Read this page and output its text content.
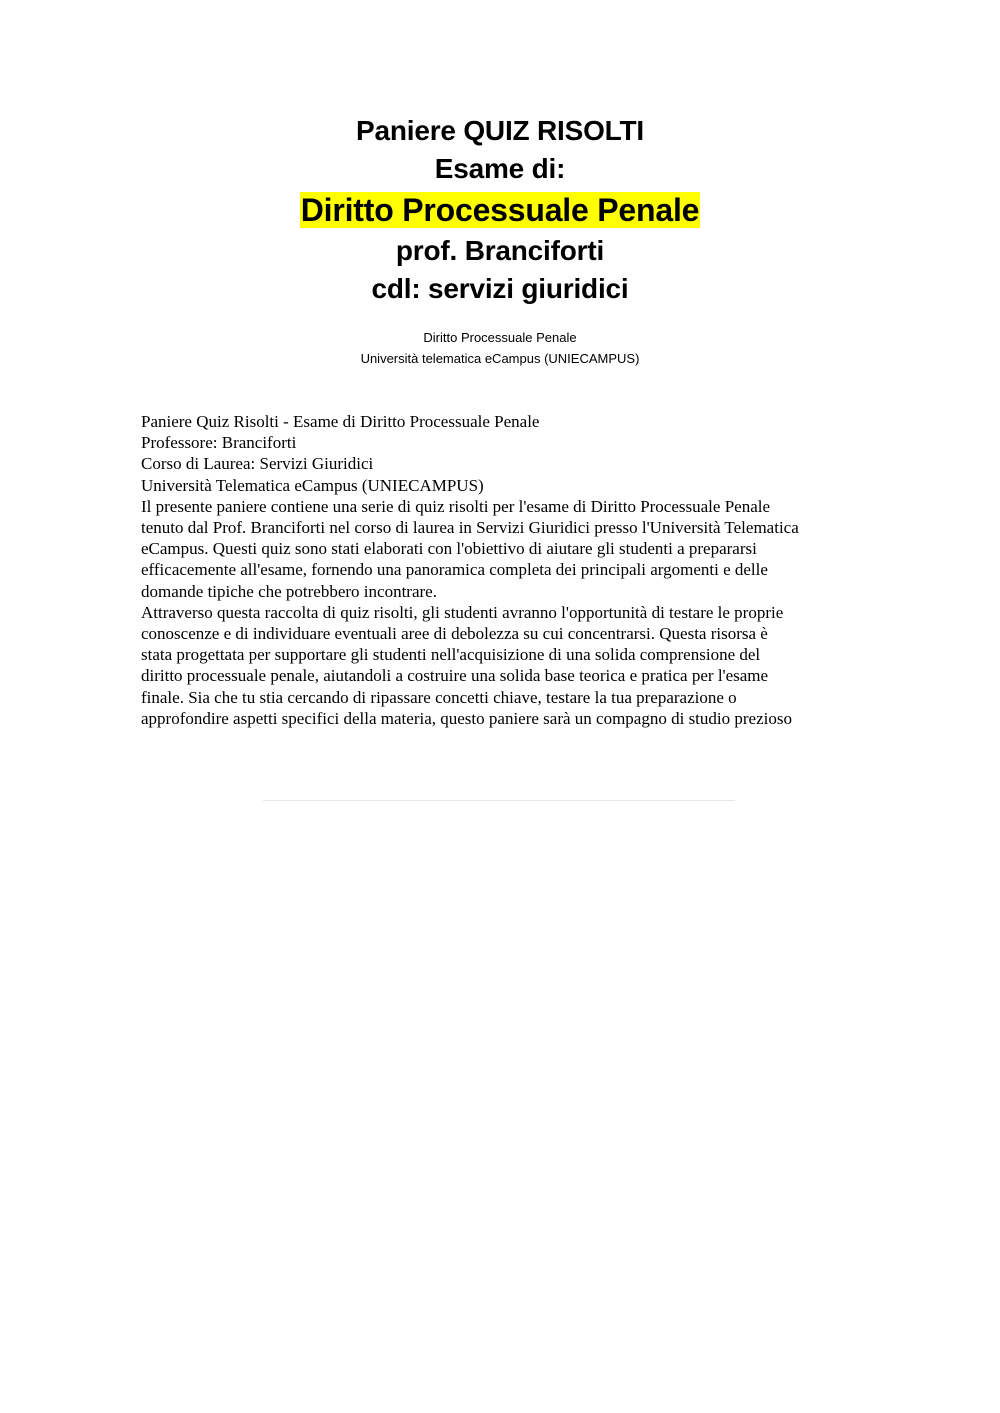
Paniere QUIZ RISOLTI
Esame di:
Diritto Processuale Penale
prof. Branciforti
cdl: servizi giuridici
Diritto Processuale Penale
Università telematica eCampus (UNIECAMPUS)
Paniere Quiz Risolti - Esame di Diritto Processuale Penale
Professore: Branciforti
Corso di Laurea: Servizi Giuridici
Università Telematica eCampus (UNIECAMPUS)
Il presente paniere contiene una serie di quiz risolti per l'esame di Diritto Processuale Penale
tenuto dal Prof. Branciforti nel corso di laurea in Servizi Giuridici presso l'Università Telematica
eCampus. Questi quiz sono stati elaborati con l'obiettivo di aiutare gli studenti a prepararsi
efficacemente all'esame, fornendo una panoramica completa dei principali argomenti e delle
domande tipiche che potrebbero incontrare.
Attraverso questa raccolta di quiz risolti, gli studenti avranno l'opportunità di testare le proprie
conoscenze e di individuare eventuali aree di debolezza su cui concentrarsi. Questa risorsa è
stata progettata per supportare gli studenti nell'acquisizione di una solida comprensione del
diritto processuale penale, aiutandoli a costruire una solida base teorica e pratica per l'esame
finale. Sia che tu stia cercando di ripassare concetti chiave, testare la tua preparazione o
approfondire aspetti specifici della materia, questo paniere sarà un compagno di studio prezioso
